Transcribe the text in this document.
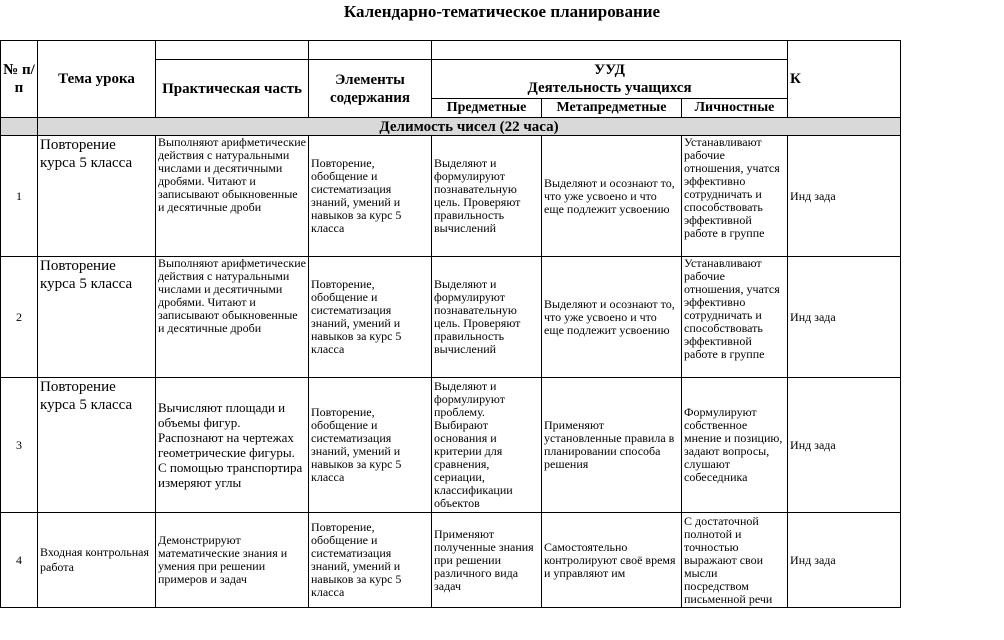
Календарно-тематическое планирование
№ п/п	Тема урока						К
		Практическая часть	Элементы содержания	УУД
Деятельность учащихся			

				Предметные	Метапредметные	Личностные	
	Делимость чисел (22 часа)						
1	Повторение курса 5 класса	Выполняют арифметические действия с натуральными числами и десятичными дробями. Читают и записывают обыкновенные и десятичные дроби	Повторение, обобщение и систематизация знаний, умений и навыков за курс 5 класса	Выделяют и формулируют познавательную цель. Проверяют правильность вычислений	Выделяют и осознают то, что уже усвоено и что еще подлежит усвоению	Устанавливают рабочие отношения, учатся эффективно сотрудничать и способствовать эффективной работе в группе	Инд зада
2	Повторение курса 5 класса	Выполняют арифметические действия с натуральными числами и десятичными дробями. Читают и записывают обыкновенные и десятичные дроби	Повторение, обобщение и систематизация знаний, умений и навыков за курс 5 класса	Выделяют и формулируют познавательную цель. Проверяют правильность вычислений	Выделяют и осознают то, что уже усвоено и что еще подлежит усвоению	Устанавливают рабочие отношения, учатся эффективно сотрудничать и способствовать эффективной работе в группе	Инд зада
3	Повторение курса 5 класса	Вычисляют площади и объемы фигур. Распознают на чертежах геометрические фигуры. С помощью транспортира измеряют углы	Повторение, обобщение и систематизация знаний, умений и навыков за курс 5 класса	Выделяют и формулируют проблему. Выбирают основания и критерии для сравнения, сериации, классификации объектов	Применяют установленные правила в планировании способа решения	Формулируют собственное мнение и позицию, задают вопросы, слушают собеседника	Инд зада
4	Входная контрольная работа	Демонстрируют математические знания и умения при решении примеров и задач	Повторение, обобщение и систематизация знаний, умений и навыков за курс 5 класса	Применяют полученные знания при решении различного вида задач	Самостоятельно контролируют своё время и управляют им	С достаточной полнотой и точностью выражают свои мысли посредством письменной речи	Инд зада
